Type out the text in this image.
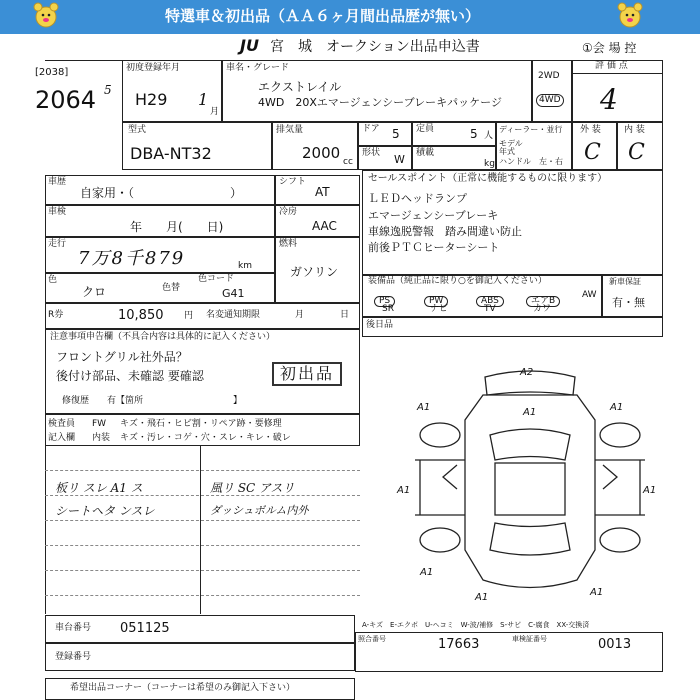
特選車＆初出品（ＡＡ６ヶ月間出品歴が無い）
JU 宮　城　オークション出品申込書	①会 場 控
[2038]
2064 5
初度登録年月
H29 1
月
車名・グレード
エクストレイル
4WD　20Xエマージェンシーブレーキパッケージ
2WD
4WD
評 価 点
4
型式
DBA-NT32
排気量
2000 cc
ドア 5 定員	5 人
形状 W 積載
kg
ディーラー・並行
モデル年式
ハンドル　左・右
外 装	内 装
C C
車歴
自家用・（　　　　　　　　）
シフト
AT
車検
年　　月(　　日)
冷房
AAC
走行
7万8千879	km
燃料
ガソリン
色
クロ	色替
色コード
G41
R券	10,850 円 名変通知期限	月	日
注意事項申告欄（不具合内容は具体的に記入ください）
フロントグリル社外品？
後付け部品、未確認 要確認	初出品
修復歴　　有【箇所　　　　　　　　　　】
検査員
記入欄
FW キズ・飛石・ヒビ割・リペア跡・要修理
内装 キズ・汚レ・コゲ・穴・スレ・キレ・破レ
板リ スレ A1 ス
シートヘタ ンスレ
風リ SC アスリ
ダッシュボルム内外
セールスポイント（正常に機能するものに限ります）
ＬＥＤヘッドランプ
エマージェンシーブレーキ
車線逸脱警報　踏み間違い防止
前後ＰＴＣヒーターシート
装備品（純正品に限り○を御記入ください）
PS	PW	ABS	エアB
AW
SR	ナビ	TV	カワ
新車保証
有・無
後日品
A2
A1
A1	A1
A1	A1
A1
A1	A1
A-キズ　E-エクボ　U-ヘコミ　W-波/補修　S-サビ　C-腐食　XX-交換済
車台番号 051125
登録番号
照合番号	17663	車検証番号	0013
希望出品コーナー（コーナーは希望のみ御記入下さい）
